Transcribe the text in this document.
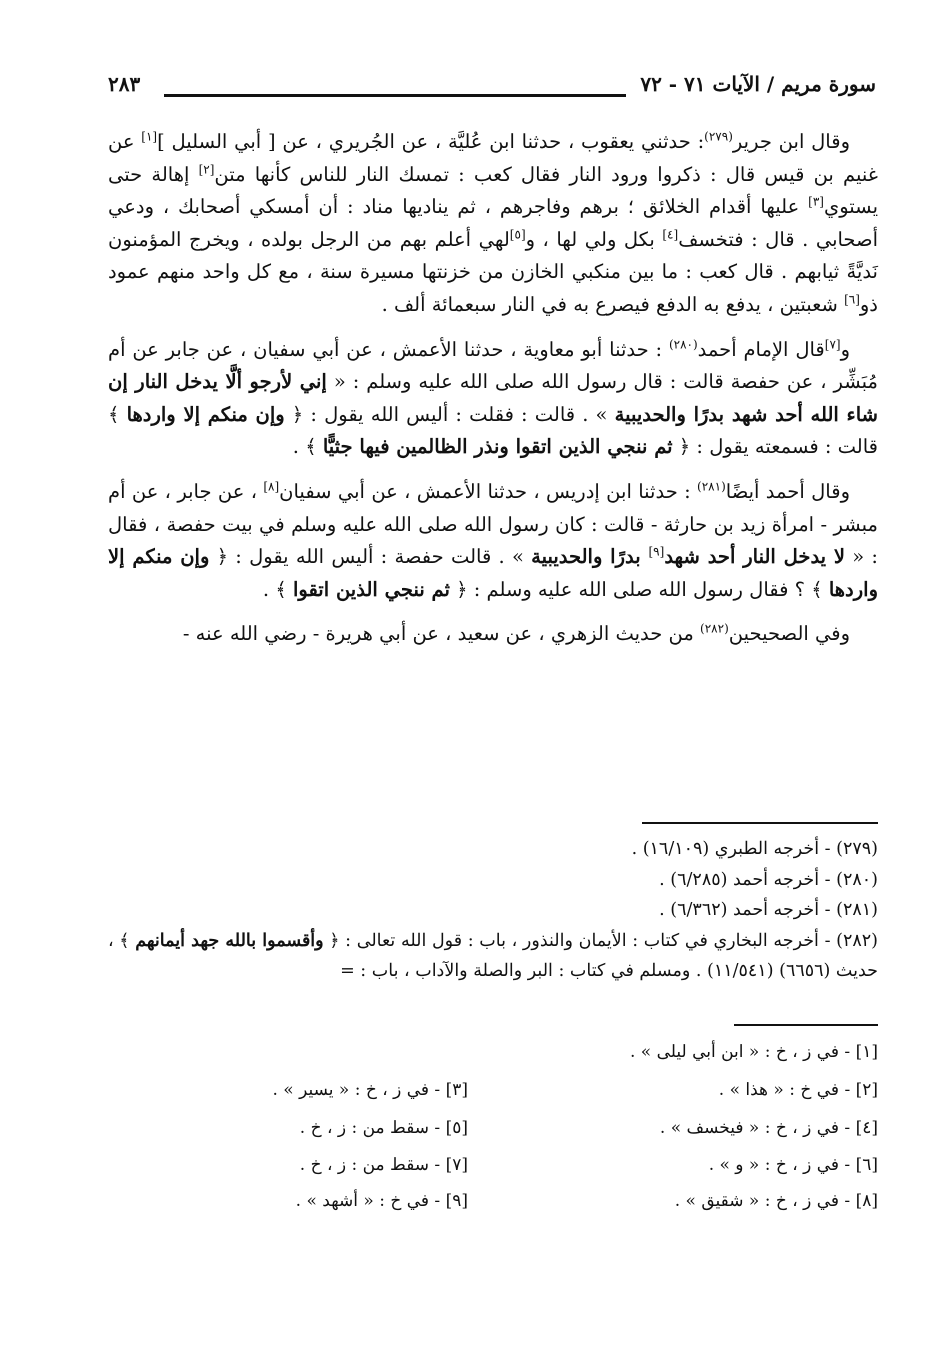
سورة مريم / الآيات ٧١ - ٧٢
٢٨٣

وقال ابن جرير$^{(٢٧٩)}$: حدثني يعقوب ، حدثنا ابن عُليَّة ، عن الجُريري ، عن [ أبي السليل ][١] عن غنيم بن قيس قال : ذكروا ورود النار فقال كعب : تمسك النار للناس كأنها متن[٢] إهالة حتى يستوي[٣] عليها أقدام الخلائق ؛ برهم وفاجرهم ، ثم يناديها مناد : أن أمسكي أصحابك ، ودعي أصحابي . قال : فتخسف[٤] بكل ولي لها ، و[٥]لهي أعلم بهم من الرجل بولده ، ويخرج المؤمنون نَديَّةً ثيابهم . قال كعب : ما بين منكبي الخازن من خزنتها مسيرة سنة ، مع كل واحد منهم عمود ذو[٦] شعبتين ، يدفع به الدفع فيصرع به في النار سبعمائة ألف .

و[٧]قال الإمام أحمد$^{(٢٨٠)}$ : حدثنا أبو معاوية ، حدثنا الأعمش ، عن أبي سفيان ، عن جابر عن أم مُبَشِّر ، عن حفصة قالت : قال رسول الله صلى الله عليه وسلم : « إني لأرجو ألَّا يدخل النار إن شاء الله أحد شهد بدرًا والحديبية » . قالت : فقلت : أليس الله يقول : ﴿ وإن منكم إلا واردها ﴾ قالت : فسمعته يقول : ﴿ ثم ننجي الذين اتقوا ونذر الظالمين فيها جثيًّا ﴾ .

وقال أحمد أيضًا$^{(٢٨١)}$ : حدثنا ابن إدريس ، حدثنا الأعمش ، عن أبي سفيان[٨] ، عن جابر ، عن أم مبشر - امرأة زيد بن حارثة - قالت : كان رسول الله صلى الله عليه وسلم في بيت حفصة ، فقال : « لا يدخل النار أحد شهد[٩] بدرًا والحديبية » . قالت حفصة : أليس الله يقول : ﴿ وإن منكم إلا واردها ﴾ ؟ فقال رسول الله صلى الله عليه وسلم : ﴿ ثم ننجي الذين اتقوا ﴾ .

وفي الصحيحين$^{(٢٨٢)}$ من حديث الزهري ، عن سعيد ، عن أبي هريرة - رضي الله عنه -

(٢٧٩) - أخرجه الطبري (١٦/١٠٩) .

(٢٨٠) - أخرجه أحمد (٦/٢٨٥) .

(٢٨١) - أخرجه أحمد (٦/٣٦٢) .

(٢٨٢) - أخرجه البخاري في كتاب : الأيمان والنذور ، باب : قول الله تعالى : ﴿ وأقسموا بالله جهد أيمانهم ﴾ ، حديث (٦٦٥٦) (١١/٥٤١) . ومسلم في كتاب : البر والصلة والآداب ، باب : =

[١] - في ز ، خ : « ابن أبي ليلى » .
[٢] - في خ : « هذا » .
[٣] - في ز ، خ : « يسير » .
[٤] - في ز ، خ : « فيخسف » .
[٥] - سقط من : ز ، خ .
[٦] - في ز ، خ : « و » .
[٧] - سقط من : ز ، خ .
[٨] - في ز ، خ : « شقيق » .
[٩] - في خ : « أشهد » .
